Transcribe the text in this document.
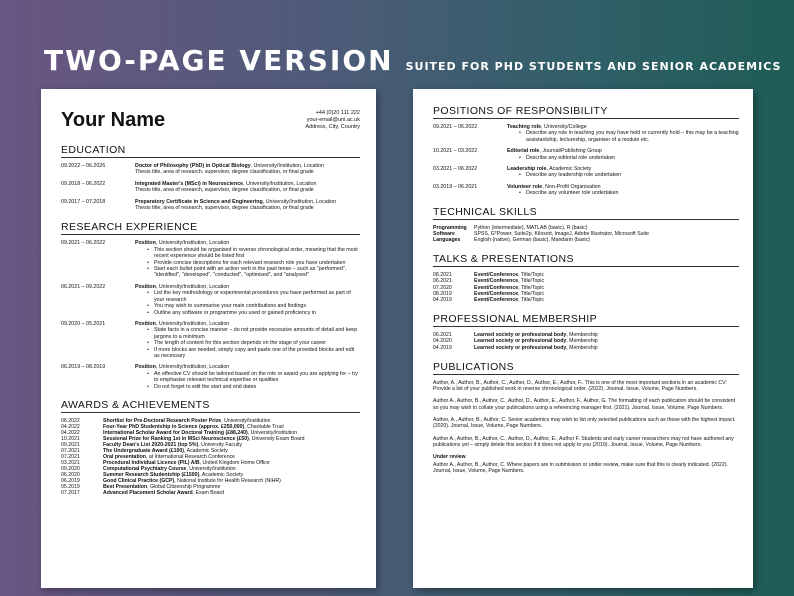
TWO-PAGE VERSION SUITED FOR PHD STUDENTS AND SENIOR ACADEMICS
Your Name	+44 (0)20 111 222
your-email@uni.ac.uk
Address, City, Country
EDUCATION
09.2022 – 06.2026	Doctor of Philosophy (PhD) in Optical Biology, University/Institution, Location
Thesis title, area of research, supervisor, degree classification, or final grade
09.2018 – 06.2022	Integrated Master's (MSci) in Neuroscience, University/Institution, Location
Thesis title, area of research, supervisor, degree classification, or final grade
09.2017 – 07.2018	Preparatory Certificate in Science and Engineering, University/Institution, Location
Thesis title, area of research, supervisor, degree classification, or final grade
RESEARCH EXPERIENCE
09.2021 – 06.2022	Position, University/Institution, Location
• This section should be organised in reverse chronological order, meaning that the most recent experience should be listed first
• Provide concise descriptions for each relevant research role you have undertaken
• Start each bullet point with an action verb in the past tense – such as "performed", "identified", "developed", "conducted", "optimised", and "analysed"
06.2021 – 09.2022	Position, University/Institution, Location
• List the key methodology or experimental procedures you have performed as part of your research
• You may wish to summarise your main contributions and findings
• Outline any software or programme you used or gained proficiency in
09.2020 – 05.2021	Position, University/Institution, Location
• State facts in a concise manner – do not provide excessive amounts of detail and keep jargons to a minimum
• The length of content for this section depends on the stage of your career
• If more blocks are needed, simply copy and paste one of the provided blocks and edit as necessary
06.2019 – 08.2019	Position, University/Institution, Location
• An effective CV should be tailored based on the role or award you are applying for – try to emphasise relevant technical expertise or qualities
• Do not forget to edit the start and end dates
AWARDS & ACHIEVEMENTS
06.2022	Shortlist for Pre-Doctoral Research Poster Prize, University/Institution
04.2022	Four-Year PhD Studentship in Science (approx. £250,000), Charitable Trust
04.2022	International Scholar Award for Doctoral Training (£88,240), University/Institution
10.2021	Sessional Prize for Ranking 1st in MSci Neuroscience (£50), University Exam Board
09.2021	Faculty Dean's List 2020-2021 (top 5%), University Faculty
07.2021	The Undergraduate Award (£100), Academic Society
07.2021	Oral presentation, at International Research Conference
03.2021	Procedural Individual Licence (PIL) A/B, United Kingdom Home Office
09.2020	Computational Psychiatry Course, University/Institution
06.2020	Summer Research Studentship (£1500), Academic Society
06.2019	Good Clinical Practice (GCP), National Institute for Health Research (NIHR)
05.2019	Best Presentation, Global Citizenship Programme
07.2017	Advanced Placement Scholar Award, Exam Board
POSITIONS OF RESPONSIBILITY
09.2021 – 06.2022	Teaching role, University/College
• Describe any role in teaching you may have held or currently hold – this may be a teaching assistantship, lectureship, organiser of a module etc.
10.2021 – 03.2022	Editorial role, Journal/Publishing Group
• Describe any editorial role undertaken
03.2021 – 06.2022	Leadership role, Academic Society
• Describe any leadership role undertaken
03.2019 – 06.2021	Volunteer role, Non-Profit Organisation
• Describe any volunteer role undertaken
TECHNICAL SKILLS
Programming	Python (intermediate), MATLAB (basic), R (basic)
Software	SPSS, G*Power, Suite2p, Kilosort, ImageJ, Adobe Illustrator, Microsoft Suite
Languages	English (native), German (basic), Mandarin (basic)
TALKS & PRESENTATIONS
08.2021	Event/Conference, Title/Topic
06.2021	Event/Conference, Title/Topic
07.2020	Event/Conference, Title/Topic
08.2019	Event/Conference, Title/Topic
04.2019	Event/Conference, Title/Topic
PROFESSIONAL MEMBERSHIP
06.2021	Learned society or professional body, Membership
04.2020	Learned society or professional body, Membership
04.2019	Learned society or professional body, Membership
PUBLICATIONS
Author, A., Author, B., Author, C., Author, D., Author, E., Author, F.. This is one of the most important sections in an academic CV: Provide a list of your published work in reverse chronological order. (2022). Journal, Issue, Volume, Page Numbers.
Author A., Author, B., Author, C., Author, D., Author, E., Author, F., Author, G. The formatting of each publication should be consistent so you may wish to collate your publications using a referencing manager first. (2021). Journal, Issue, Volume, Page Numbers.
Author, A., Author, B., Author, C. Senior academics may wish to list only selected publications such as those with the highest impact. (2020). Journal, Issue, Volume, Page Numbers.
Author A., Author, B., Author, C., Author, D., Author, E., Author F. Students and early career researchers may not have authored any publications yet – simply delete this section if it does not apply to you (2019). Journal, Issue, Volume, Page Numbers.
Under review
Author A., Author, B., Author, C. Where papers are in submission or under review, make sure that this is clearly indicated. (2022). Journal, Issue, Volume, Page Numbers.
